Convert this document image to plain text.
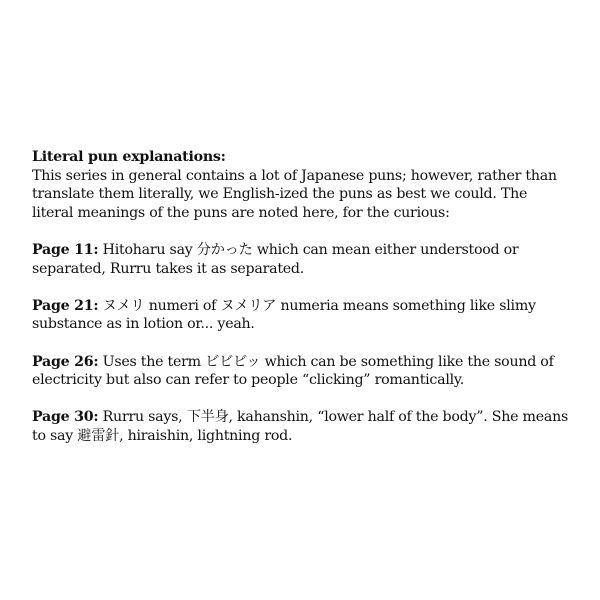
Literal pun explanations:
This series in general contains a lot of Japanese puns; however, rather than translate them literally, we English-ized the puns as best we could. The literal meanings of the puns are noted here, for the curious:

Page 11: Hitoharu say 分かった which can mean either understood or separated, Rurru takes it as separated.

Page 21: ヌメリ numeri of ヌメリア numeria means something like slimy substance as in lotion or... yeah.

Page 26: Uses the term ビビビッ which can be something like the sound of electricity but also can refer to people “clicking” romantically.

Page 30: Rurru says, 下半身, kahanshin, “lower half of the body”. She means to say 避雷針, hiraishin, lightning rod.
